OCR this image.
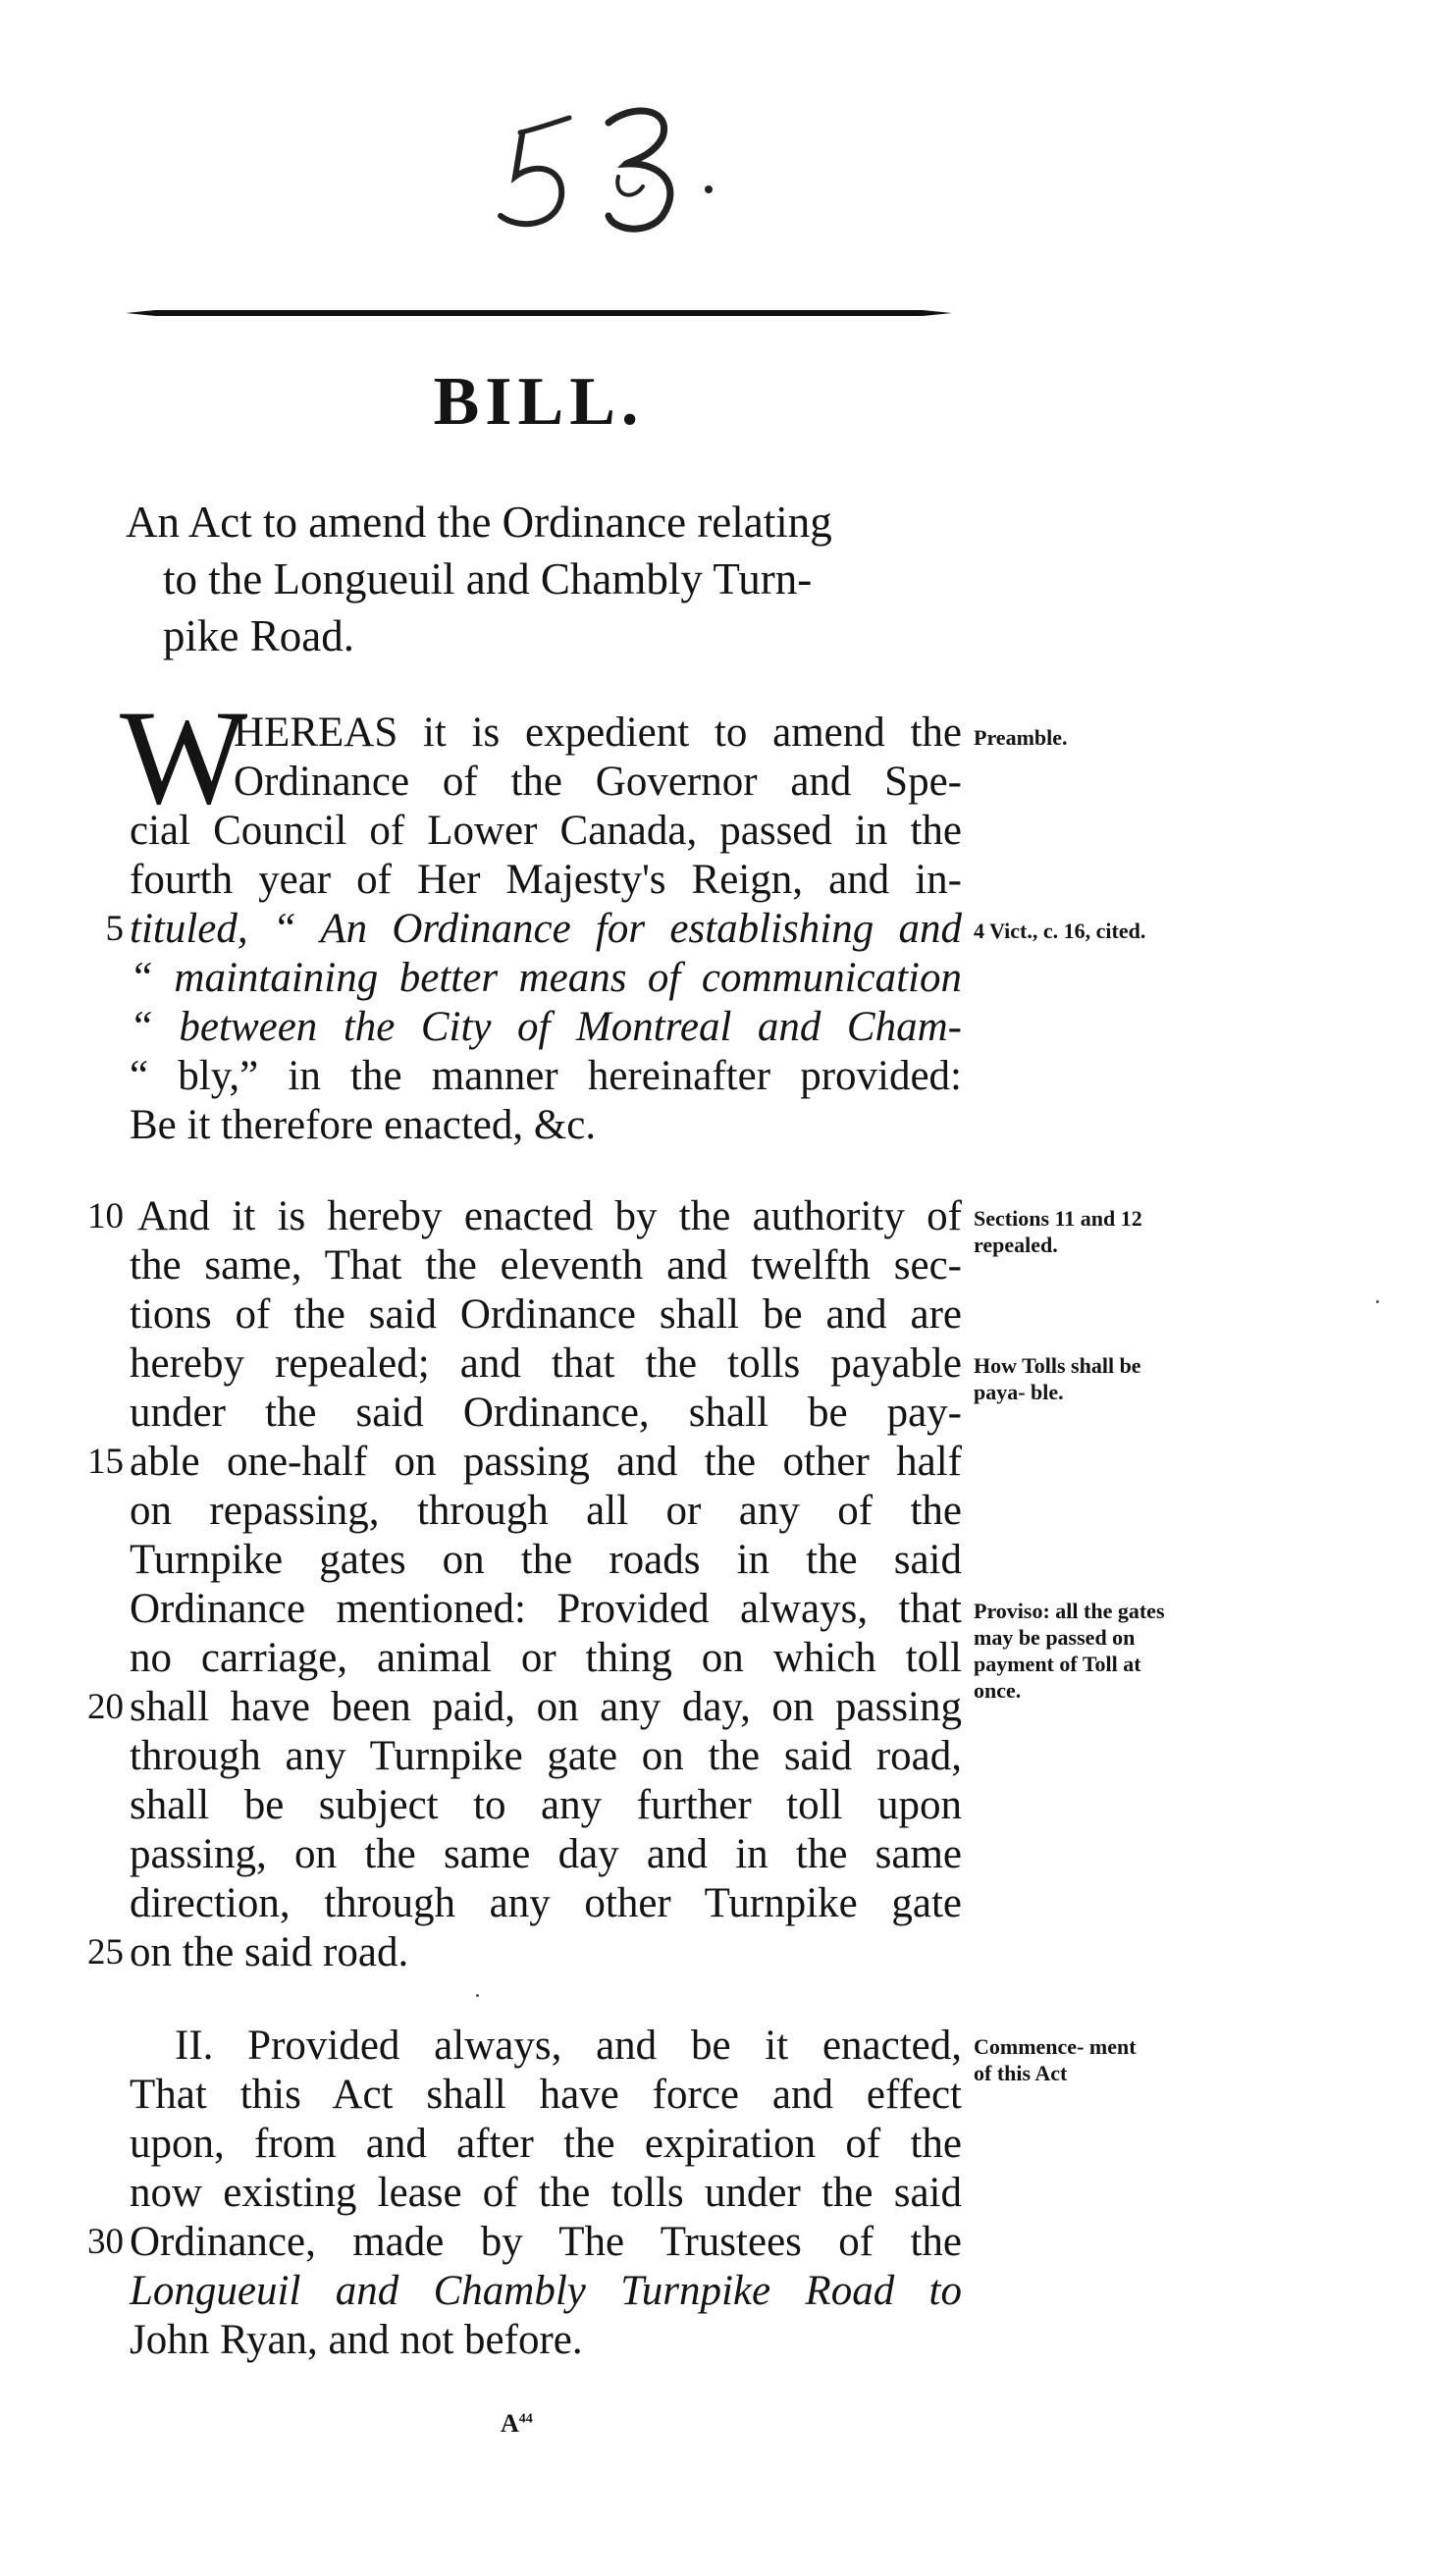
BILL.
An Act to amend the Ordinance relating
to the Longueuil and Chambly Turn-
pike Road.
W
HEREAS it is expedient to amend the
Ordinance of the Governor and Spe-
cial Council of Lower Canada, passed in the
fourth year of Her Majesty's Reign, and in-
tituled, “ An Ordinance for establishing and
“ maintaining better means of communication
“ between the City of Montreal and Cham-
“ bly,” in the manner hereinafter provided:
Be it therefore enacted, &c.
And it is hereby enacted by the authority of
the same, That the eleventh and twelfth sec-
tions of the said Ordinance shall be and are
hereby repealed; and that the tolls payable
under the said Ordinance, shall be pay-
able one-half on passing and the other half
on repassing, through all or any of the
Turnpike gates on the roads in the said
Ordinance mentioned: Provided always, that
no carriage, animal or thing on which toll
shall have been paid, on any day, on passing
through any Turnpike gate on the said road,
shall be subject to any further toll upon
passing, on the same day and in the same
direction, through any other Turnpike gate
on the said road.
II. Provided always, and be it enacted,
That this Act shall have force and effect
upon, from and after the expiration of the
now existing lease of the tolls under the said
Ordinance, made by The Trustees of the
Longueuil and Chambly Turnpike Road to
John Ryan, and not before.
5
10
15
20
25
30
Preamble.
4 Vict., c. 16, cited.
Sections 11 and 12 repealed.
How Tolls shall be paya- ble.
Proviso: all the gates may be passed on payment of Toll at once.
Commence- ment of this Act
$A^{44}$
